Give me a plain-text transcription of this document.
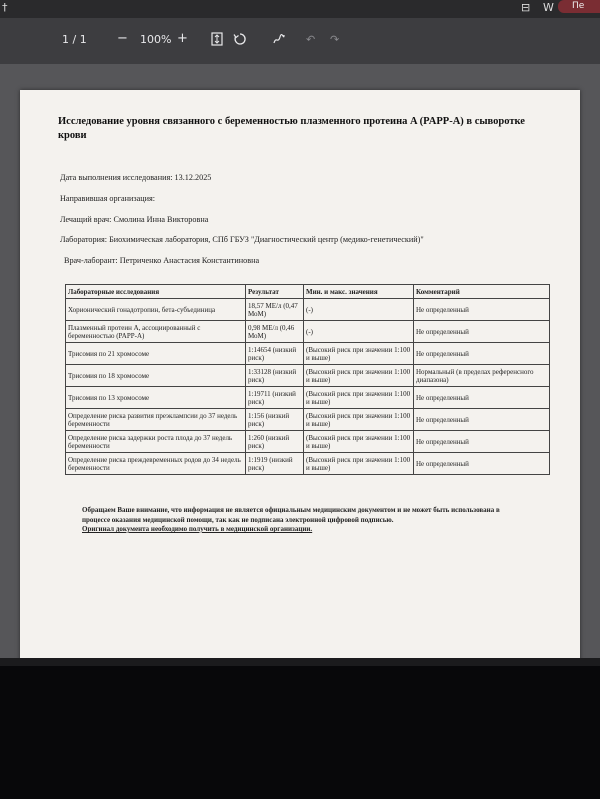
†	⊟ W	Пе
1 / 1 − 100% +	↶ ↷
Исследование уровня связанного с беременностью плазменного протеина A (PAPP-A) в сыворотке крови
Дата выполнения исследования: 13.12.2025
Направившая организация:
Лечащий врач: Смолина Инна Викторовна
Лаборатория: Биохимическая лаборатория, СПб ГБУЗ "Диагностический центр (медико-генетический)"
Врач-лаборант: Петриченко Анастасия Константиновна
Лабораторные исследования	Результат	Мин. и макс. значения	Комментарий
Хорионический гонадотропин, бета-субъединица	18,57 МЕ/л (0,47 МоМ)	(-)	Не определенный
Плазменный протеин А, ассоциированный с беременностью (PAPP-A)	0,98 МЕ/л (0,46 МоМ)	(-)	Не определенный
Трисомия по 21 хромосоме	1:14654 (низкий риск)	(Высокий риск при значении 1:100 и выше)	Не определенный
Трисомия по 18 хромосоме	1:33128 (низкий риск)	(Высокий риск при значении 1:100 и выше)	Нормальный (в пределах референсного диапазона)
Трисомия по 13 хромосоме	1:19711 (низкий риск)	(Высокий риск при значении 1:100 и выше)	Не определенный
Определение риска развития преэклампсии до 37 недель беременности	1:156 (низкий риск)	(Высокий риск при значении 1:100 и выше)	Не определенный
Определение риска задержки роста плода до 37 недель беременности	1:260 (низкий риск)	(Высокий риск при значении 1:100 и выше)	Не определенный
Определение риска преждевременных родов до 34 недель беременности	1:1919 (низкий риск)	(Высокий риск при значении 1:100 и выше)	Не определенный
Обращаем Ваше внимание, что информация не является официальным медицинским документом и не может быть использована в процессе оказания медицинской помощи, так как не подписана электронной цифровой подписью.
Оригинал документа необходимо получить в медицинской организации.
